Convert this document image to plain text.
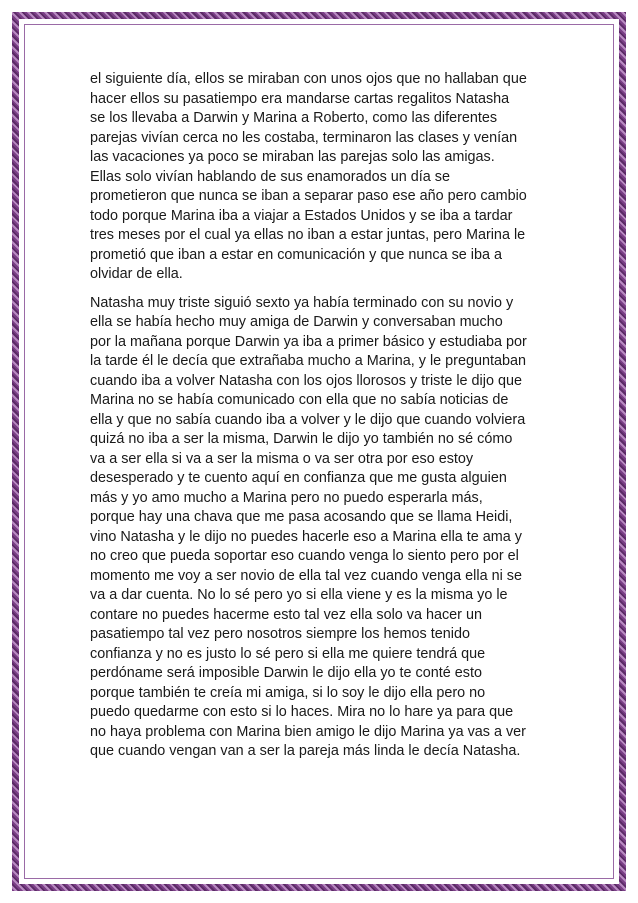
el siguiente día, ellos se miraban con unos ojos que no hallaban que
hacer ellos su pasatiempo era mandarse cartas regalitos Natasha
se los llevaba a Darwin y Marina a Roberto, como las diferentes
parejas vivían cerca no les costaba, terminaron las clases y venían
las vacaciones ya poco se miraban las parejas solo las amigas.
Ellas solo vivían hablando de sus enamorados un día se
prometieron que nunca se iban a separar paso ese año pero cambio
todo porque Marina iba a viajar a Estados Unidos y se iba a tardar
tres meses por el cual ya ellas no iban a estar juntas, pero Marina le
prometió que iban a estar en comunicación y que nunca se iba a
olvidar de ella.

Natasha muy triste siguió sexto ya había terminado con su novio y
ella se había hecho muy amiga de Darwin y conversaban mucho
por la mañana porque Darwin ya iba a primer básico y estudiaba por
la tarde él le decía que extrañaba mucho a Marina, y le preguntaban
cuando iba a volver Natasha con los ojos llorosos y triste le dijo que
Marina no se había comunicado con ella que no sabía noticias de
ella y que no sabía cuando iba a volver y le dijo que cuando volviera
quizá no iba a ser la misma, Darwin le dijo yo también no sé cómo
va a ser ella si va a ser la misma o va ser otra por eso estoy
desesperado y te cuento aquí en confianza que me gusta alguien
más y yo amo mucho a Marina pero no puedo esperarla más,
porque hay una chava que me pasa acosando que se llama Heidi,
vino Natasha y le dijo no puedes hacerle eso a Marina ella te ama y
no creo que pueda soportar eso cuando venga lo siento pero por el
momento me voy a ser novio de ella tal vez cuando venga ella ni se
va a dar cuenta. No lo sé pero yo si ella viene y es la misma yo le
contare no puedes hacerme esto tal vez ella solo va hacer un
pasatiempo tal vez pero nosotros siempre los hemos tenido
confianza y no es justo lo sé pero si ella me quiere tendrá que
perdóname será imposible Darwin le dijo ella yo te conté esto
porque también te creía mi amiga, si lo soy le dijo ella pero no
puedo quedarme con esto si lo haces. Mira no lo hare ya para que
no haya problema con Marina bien amigo le dijo Marina ya vas a ver
que cuando vengan van a ser la pareja más linda le decía Natasha.
